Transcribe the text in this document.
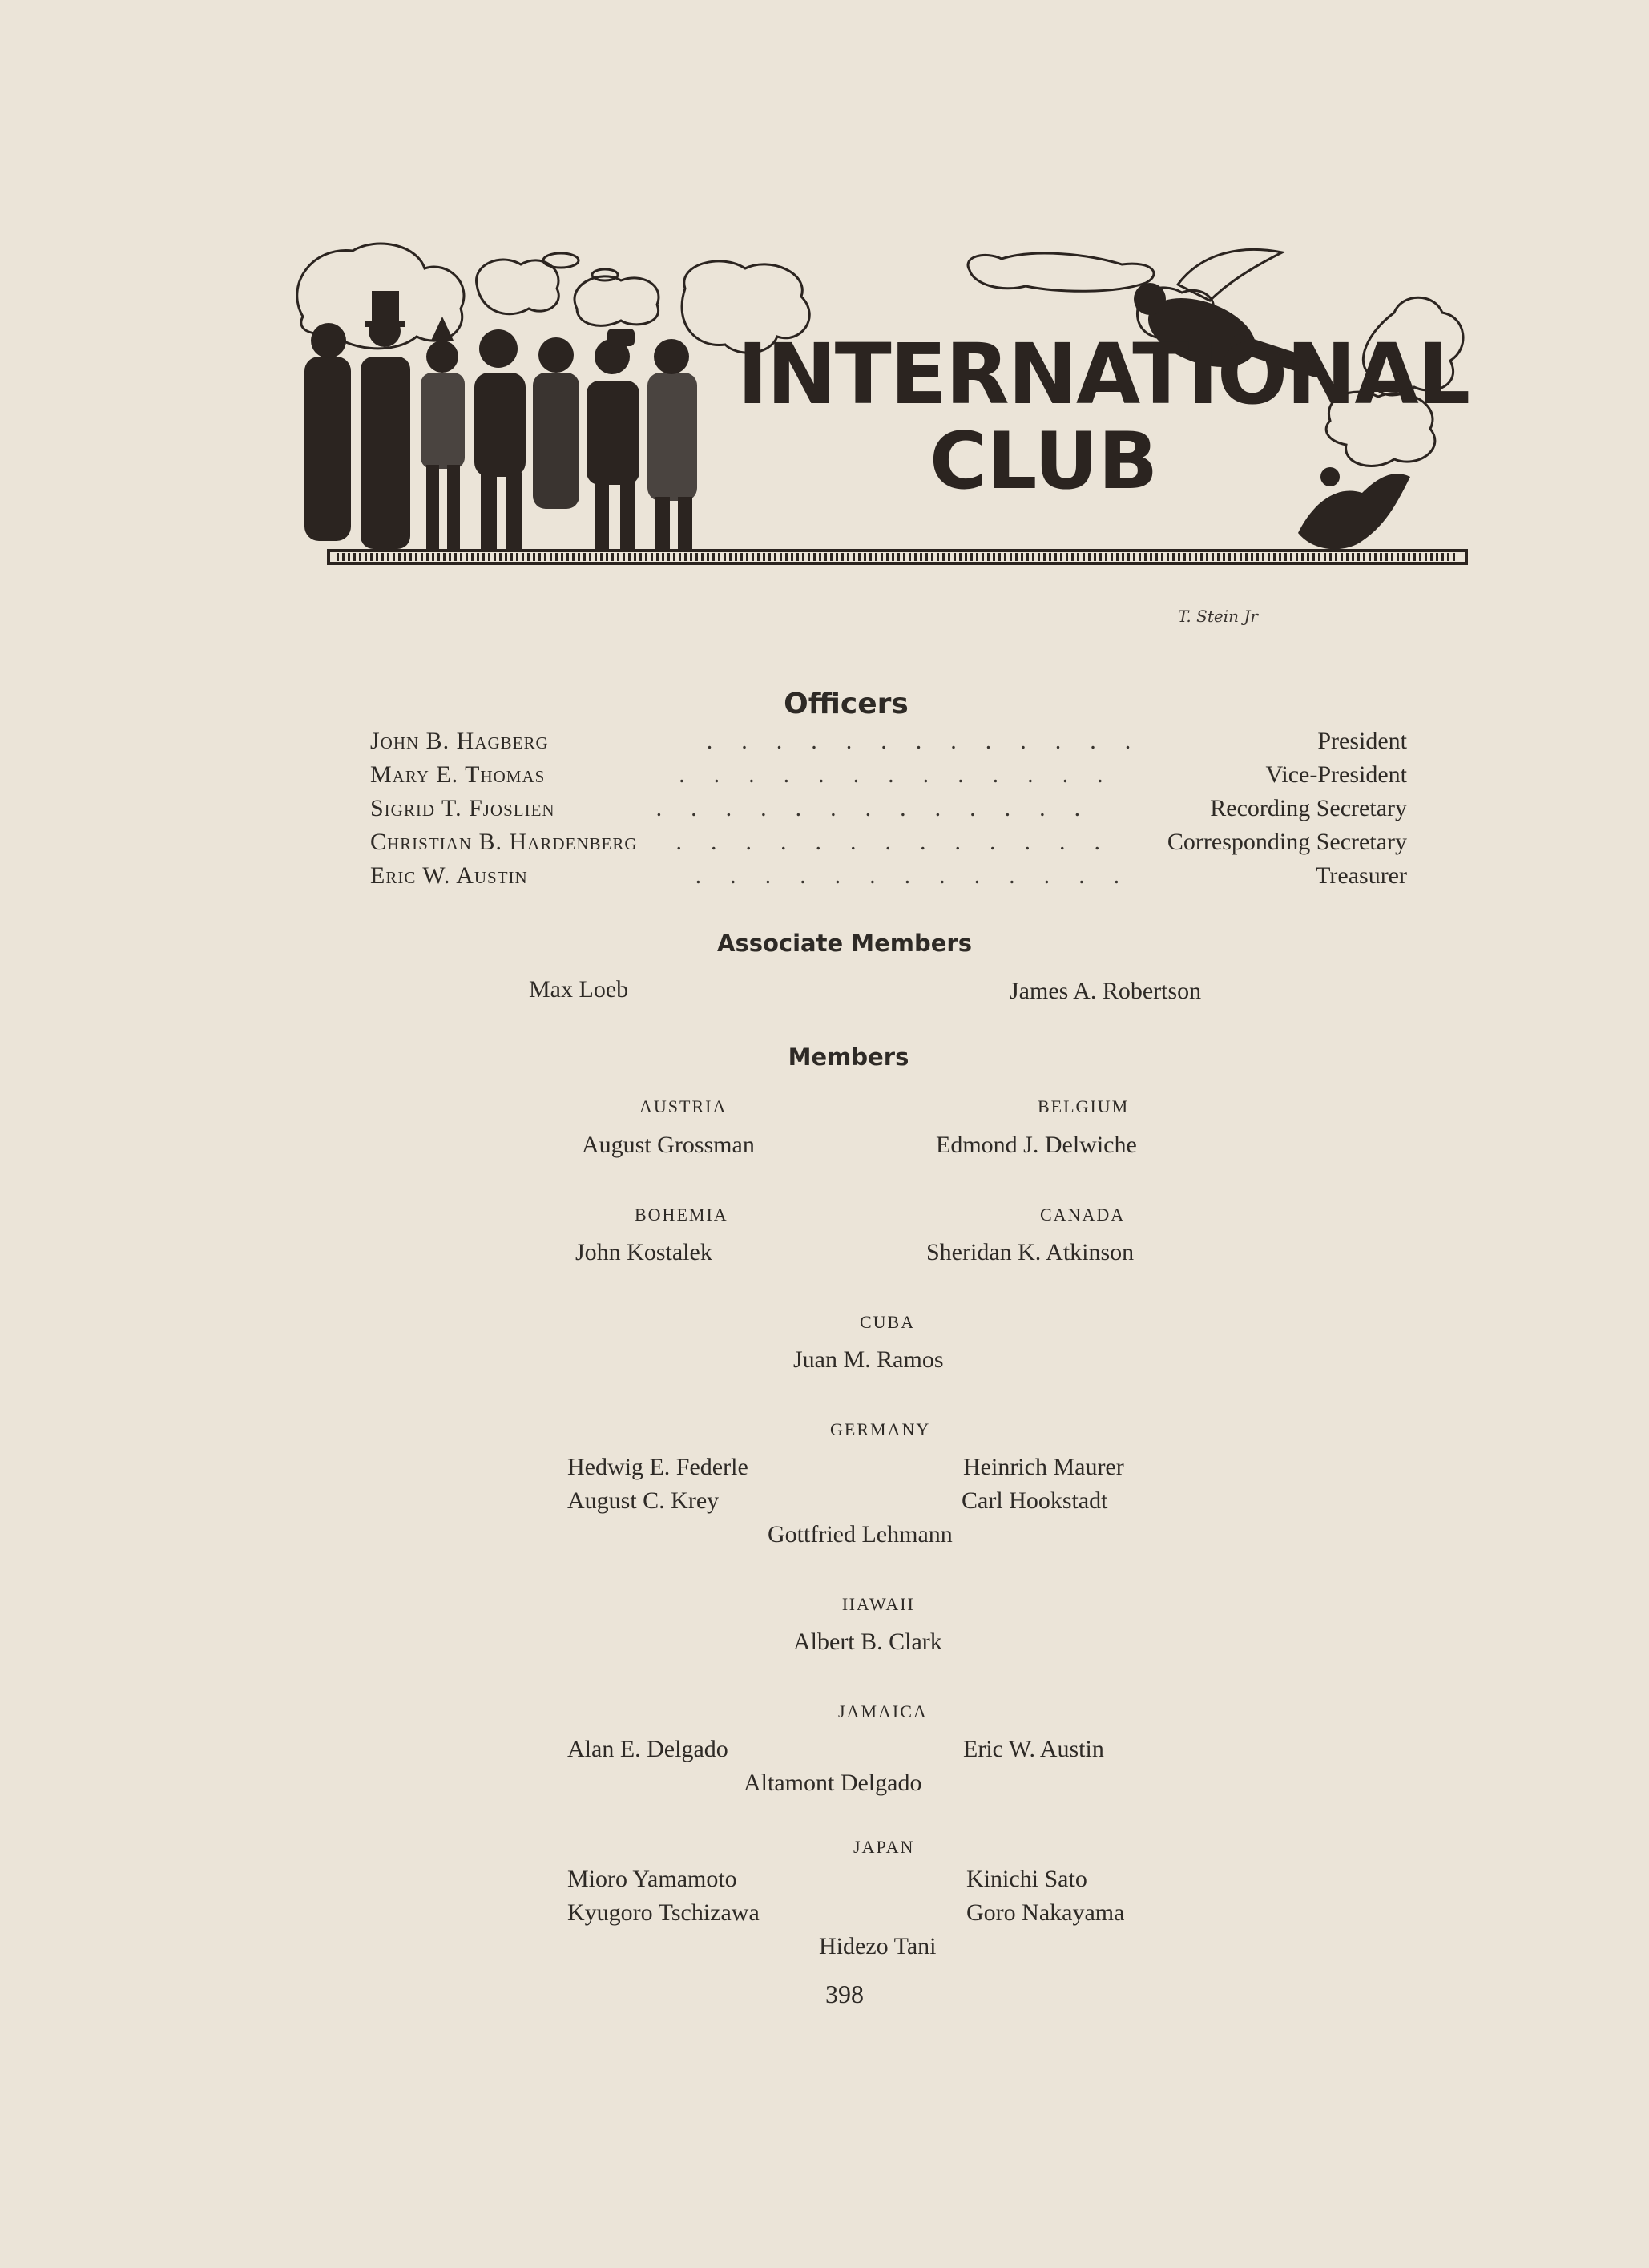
INTERNATIONAL
CLUB
T. Stein Jr
Officers
John B. Hagberg	.............	President
Mary E. Thomas	.............	Vice-President
Sigrid T. Fjoslien	.............	Recording Secretary
Christian B. Hardenberg	.............	Corresponding Secretary
Eric W. Austin	.............	Treasurer
Associate Members
Max Loeb	James A. Robertson
Members
AUSTRIA
August Grossman
BELGIUM
Edmond J. Delwiche
BOHEMIA
John Kostalek
CANADA
Sheridan K. Atkinson
CUBA
Juan M. Ramos
GERMANY
Hedwig E. Federle	Heinrich Maurer
August C. Krey	Carl Hookstadt
Gottfried Lehmann
HAWAII
Albert B. Clark
JAMAICA
Alan E. Delgado	Eric W. Austin
Altamont Delgado
JAPAN
Mioro Yamamoto	Kinichi Sato
Kyugoro Tschizawa	Goro Nakayama
Hidezo Tani
398
